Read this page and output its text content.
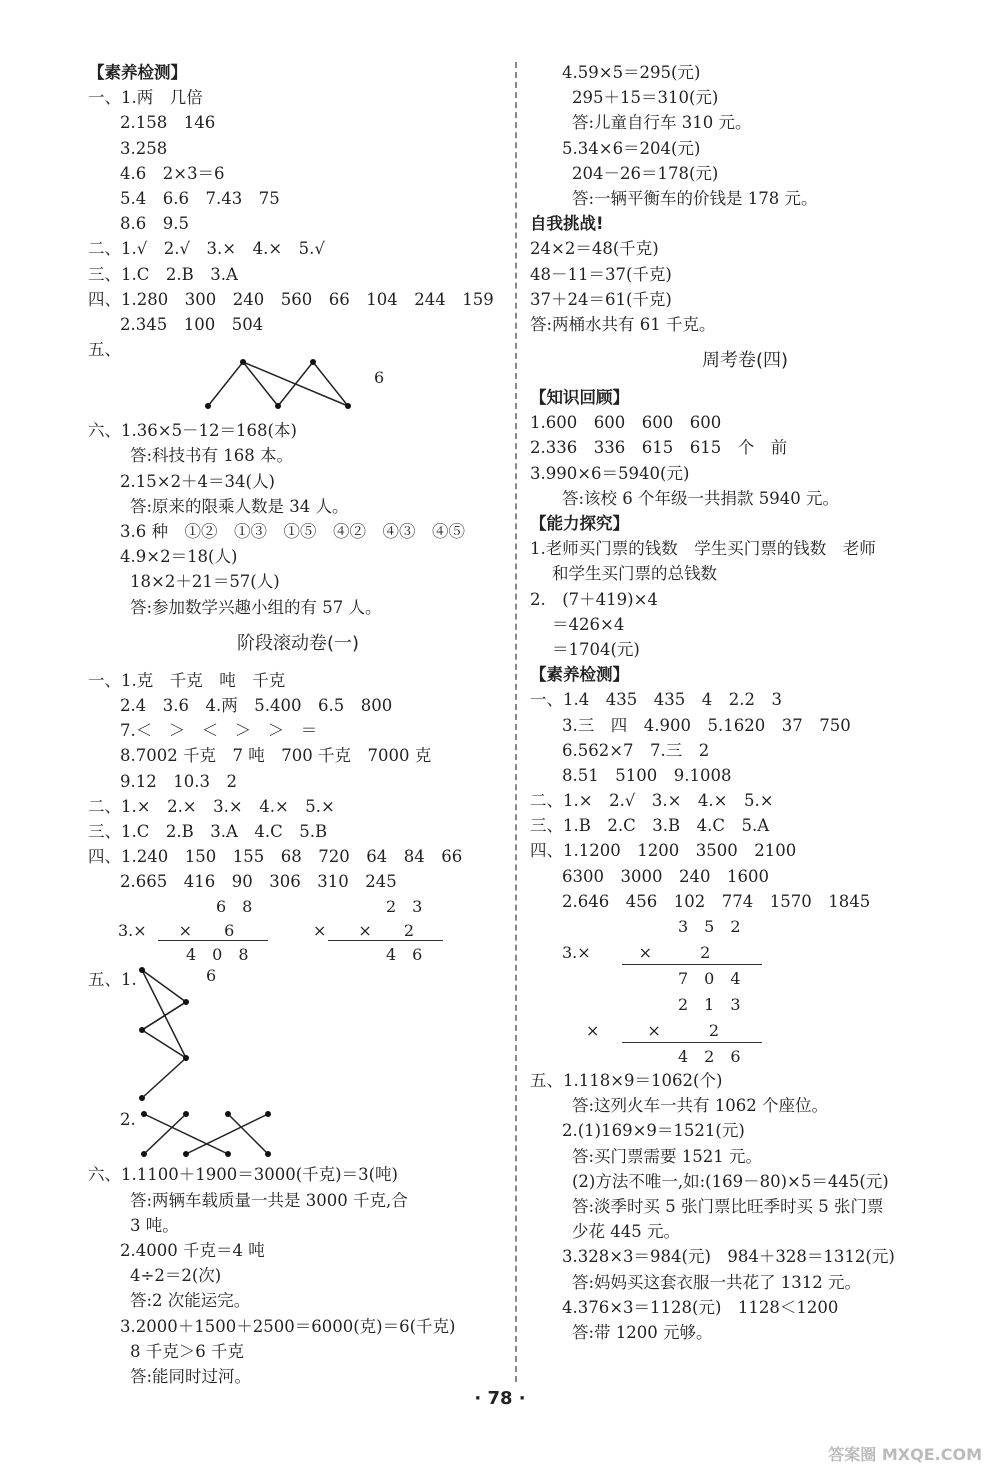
【素养检测】
一、1.两　几倍
2.158　146
3.258
4.6　2×3＝6
5.4　6.6　7.43　75
8.6　9.5
二、1.√　2.√　3.×　4.×　5.√
三、1.C　2.B　3.A
四、1.280　300　240　560　66　104　244　159
2.345　100　504
五、
6
六、1.36×5－12＝168(本)
答:科技书有 168 本。
2.15×2＋4＝34(人)
答:原来的限乘人数是 34 人。
3.6 种　①②　①③　①⑤　④②　④③　④⑤
4.9×2＝18(人)
18×2＋21＝57(人)
答:参加数学兴趣小组的有 57 人。
阶段滚动卷(一)
一、1.克　千克　吨　千克
2.4　3.6　4.两　5.400　6.5　800
7.＜　＞　＜　＞　＞　＝
8.7002 千克　7 吨　700 千克　7000 克
9.12　10.3　2
二、1.×　2.×　3.×　4.×　5.×
三、1.C　2.B　3.A　4.C　5.B
四、1.240　150　155　68　720　64　84　66
2.665　416　90　306　310　245
6　8
3.×　　×　　6
4　0　8
2　3
×　　×　　2
4　6
五、1.	6
2.
六、1.1100＋1900＝3000(千克)＝3(吨)
答:两辆车载质量一共是 3000 千克,合
3 吨。
2.4000 千克＝4 吨
4÷2＝2(次)
答:2 次能运完。
3.2000＋1500＋2500＝6000(克)＝6(千克)
8 千克＞6 千克
答:能同时过河。
4.59×5＝295(元)
295＋15＝310(元)
答:儿童自行车 310 元。
5.34×6＝204(元)
204－26＝178(元)
答:一辆平衡车的价钱是 178 元。
自我挑战!
24×2＝48(千克)
48－11＝37(千克)
37＋24＝61(千克)
答:两桶水共有 61 千克。
周考卷(四)
【知识回顾】
1.600　600　600　600
2.336　336　615　615　个　前
3.990×6＝5940(元)
答:该校 6 个年级一共捐款 5940 元。
【能力探究】
1.老师买门票的钱数　学生买门票的钱数　老师
和学生买门票的总钱数
2.　(7＋419)×4
＝426×4
＝1704(元)
【素养检测】
一、1.4　435　435　4　2.2　3
3.三　四　4.900　5.1620　37　750
6.562×7　7.三　2
8.51　5100　9.1008
二、1.×　2.√　3.×　4.×　5.×
三、1.B　2.C　3.B　4.C　5.A
四、1.1200　1200　3500　2100
6300　3000　240　1600
2.646　456　102　774　1570　1845
3　5　2
3.×　　　×　　　2
7　0　4
2　1　3
×　　　×　　　2
4　2　6
五、1.118×9＝1062(个)
答:这列火车一共有 1062 个座位。
2.(1)169×9＝1521(元)
答:买门票需要 1521 元。
(2)方法不唯一,如:(169－80)×5＝445(元)
答:淡季时买 5 张门票比旺季时买 5 张门票
少花 445 元。
3.328×3＝984(元)　984＋328＝1312(元)
答:妈妈买这套衣服一共花了 1312 元。
4.376×3＝1128(元)　1128＜1200
答:带 1200 元够。
· 78 ·
答案圈 MXQE.COM
